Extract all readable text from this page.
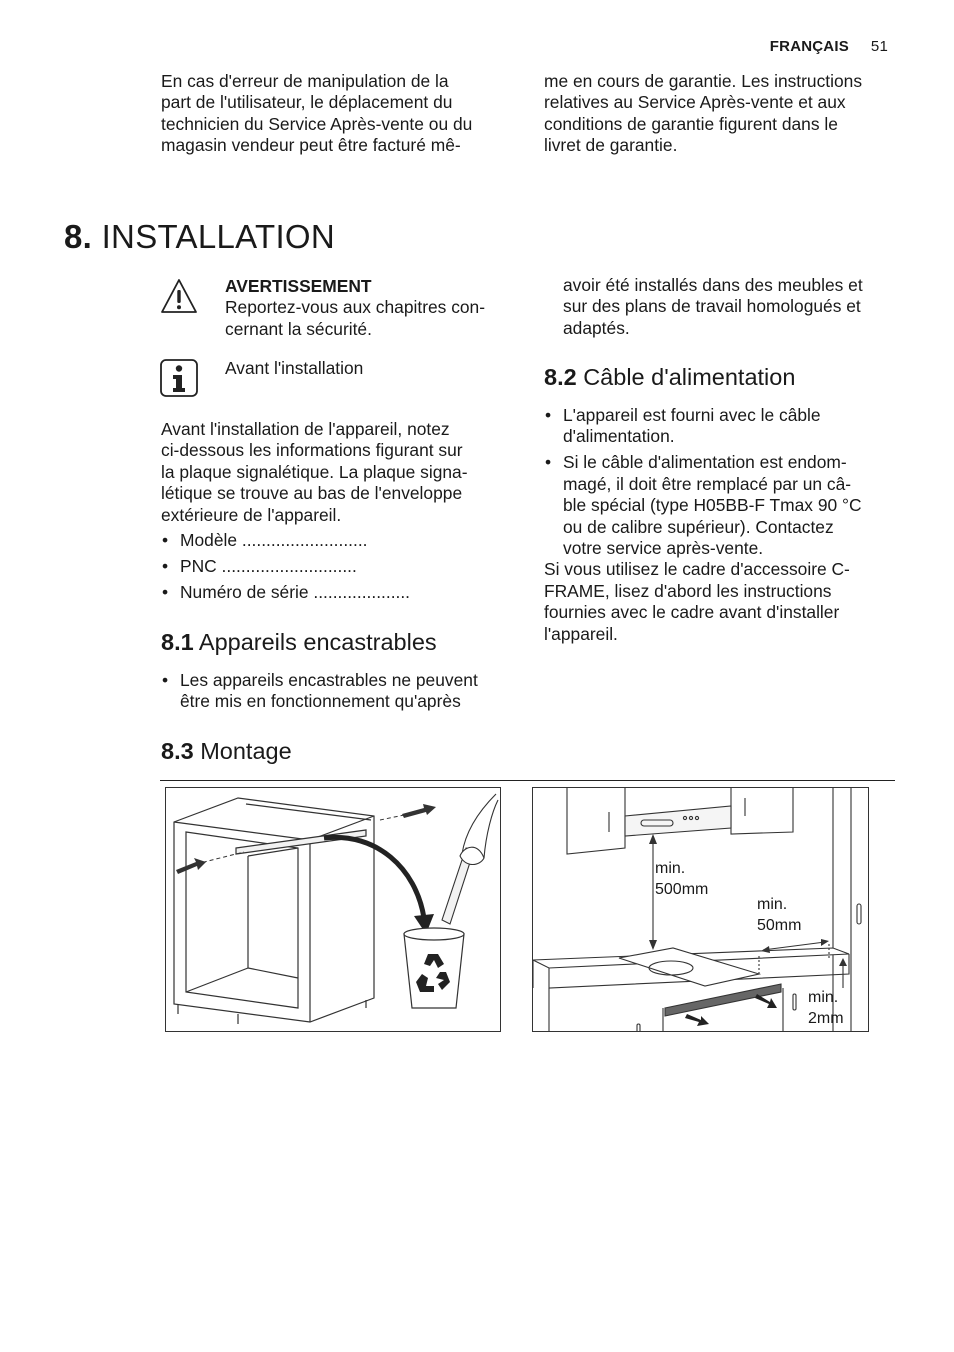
FRANÇAIS 51

En cas d'erreur de manipulation de la

part de l'utilisateur, le déplacement du

technicien du Service Après-vente ou du

magasin vendeur peut être facturé mê-

me en cours de garantie. Les instructions

relatives au Service Après-vente et aux

conditions de garantie figurent dans le

livret de garantie.

8. INSTALLATION

AVERTISSEMENT

Reportez-vous aux chapitres con-

cernant la sécurité.

Avant l'installation

Avant l'installation de l'appareil, notez

ci-dessous les informations figurant sur

la plaque signalétique. La plaque signa-

létique se trouve au bas de l'enveloppe

extérieure de l'appareil.

• Modèle ..........................
• PNC ............................
• Numéro de série ....................
8.1 Appareils encastrables
• Les appareils encastrables ne peuvent
être mis en fonctionnement qu'après

avoir été installés dans des meubles et

sur des plans de travail homologués et

adaptés.

8.2 Câble d'alimentation
• L'appareil est fourni avec le câble
d'alimentation.
• Si le câble d'alimentation est endom-
magé, il doit être remplacé par un câ-
ble spécial (type H05BB-F Tmax 90 °C
ou de calibre supérieur). Contactez
votre service après-vente.

Si vous utilisez le cadre d'accessoire C-

FRAME, lisez d'abord les instructions

fournies avec le cadre avant d'installer

l'appareil.

8.3 Montage
min.
500mm
min.
50mm
min.
2mm
